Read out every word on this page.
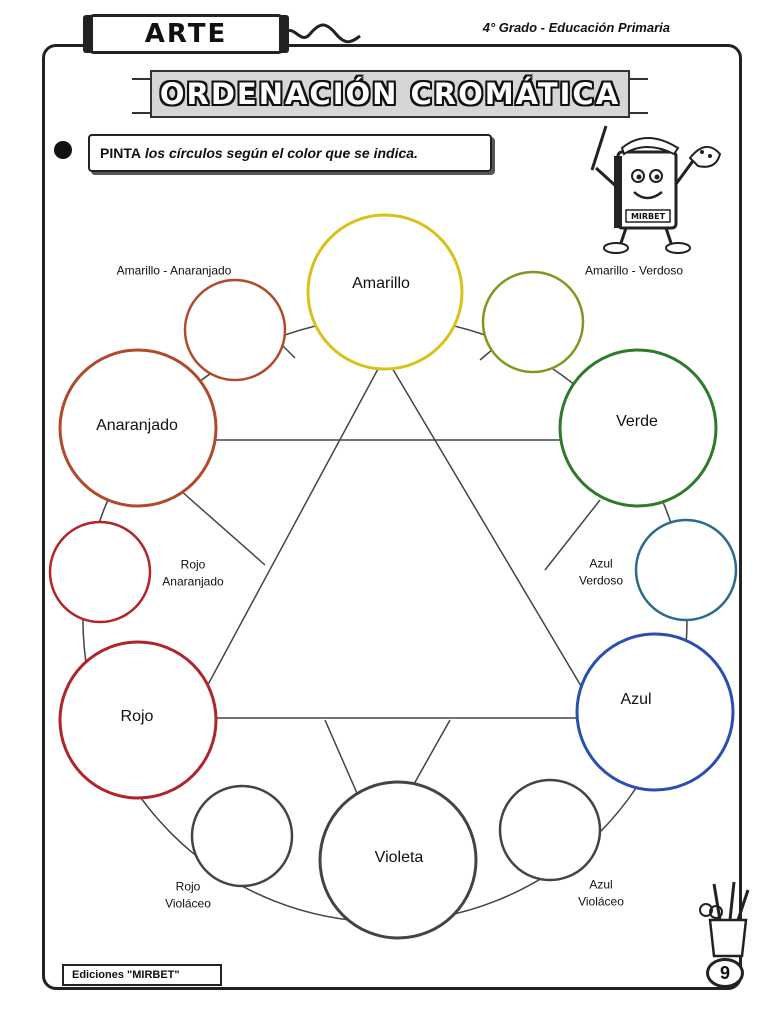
ARTE	4° Grado - Educación Primaria
ORDENACIÓN CROMÁTICA
PINTA los círculos según el color que se indica.
MIRBET
Amarillo
Verde
Azul
Violeta
Rojo
Anaranjado
Amarillo - Anaranjado	Amarillo - Verdoso
Azul
Verdoso
Azul
Violáceo
Rojo
Violáceo
Rojo
Anaranjado
Ediciones "MIRBET"	9
